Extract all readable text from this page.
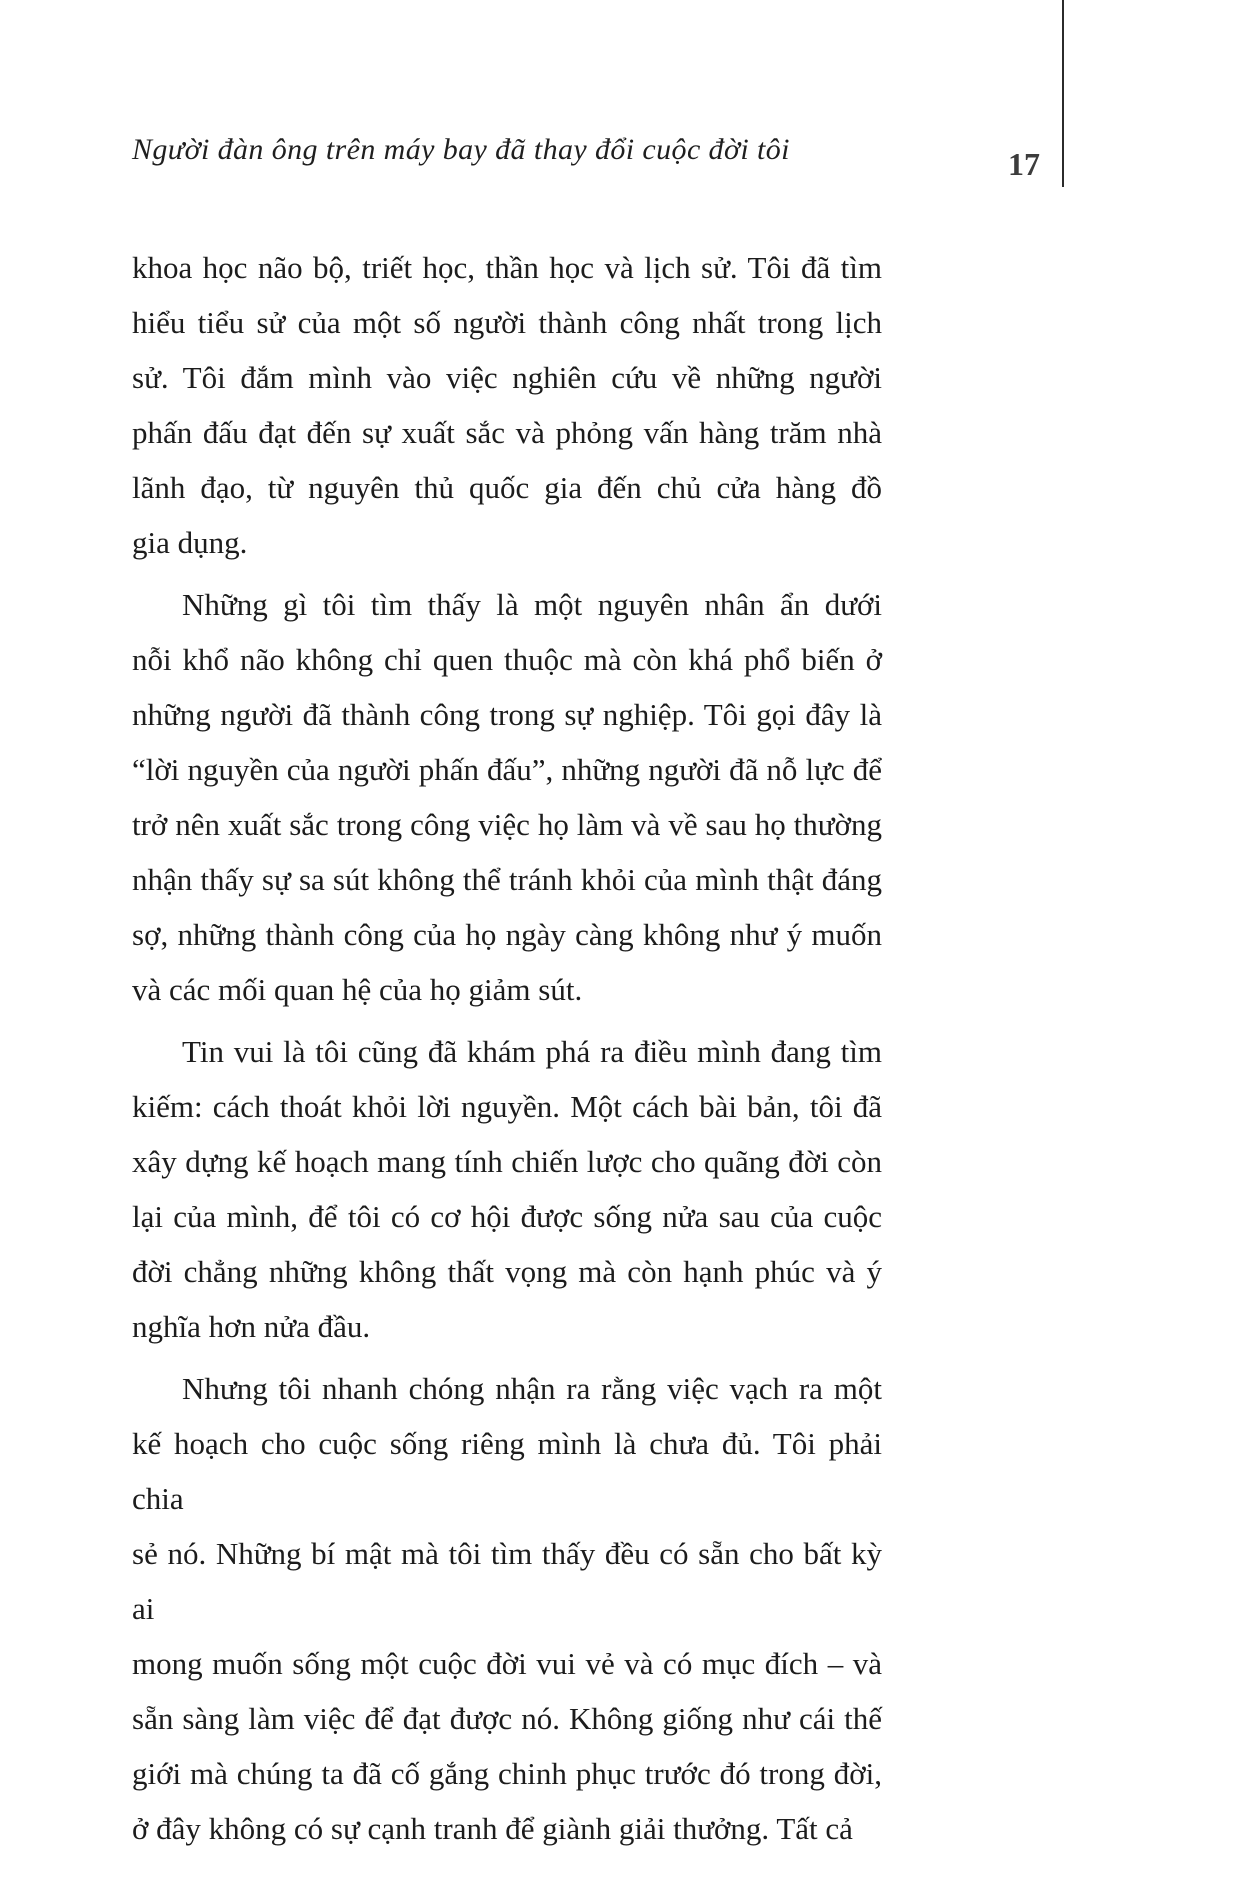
Người đàn ông trên máy bay đã thay đổi cuộc đời tôi	17
khoa học não bộ, triết học, thần học và lịch sử. Tôi đã tìm
hiểu tiểu sử của một số người thành công nhất trong lịch
sử. Tôi đắm mình vào việc nghiên cứu về những người
phấn đấu đạt đến sự xuất sắc và phỏng vấn hàng trăm nhà
lãnh đạo, từ nguyên thủ quốc gia đến chủ cửa hàng đồ
gia dụng.
Những gì tôi tìm thấy là một nguyên nhân ẩn dưới
nỗi khổ não không chỉ quen thuộc mà còn khá phổ biến ở
những người đã thành công trong sự nghiệp. Tôi gọi đây là
“lời nguyền của người phấn đấu”, những người đã nỗ lực để
trở nên xuất sắc trong công việc họ làm và về sau họ thường
nhận thấy sự sa sút không thể tránh khỏi của mình thật đáng
sợ, những thành công của họ ngày càng không như ý muốn
và các mối quan hệ của họ giảm sút.
Tin vui là tôi cũng đã khám phá ra điều mình đang tìm
kiếm: cách thoát khỏi lời nguyền. Một cách bài bản, tôi đã
xây dựng kế hoạch mang tính chiến lược cho quãng đời còn
lại của mình, để tôi có cơ hội được sống nửa sau của cuộc
đời chẳng những không thất vọng mà còn hạnh phúc và ý
nghĩa hơn nửa đầu.
Nhưng tôi nhanh chóng nhận ra rằng việc vạch ra một
kế hoạch cho cuộc sống riêng mình là chưa đủ. Tôi phải chia
sẻ nó. Những bí mật mà tôi tìm thấy đều có sẵn cho bất kỳ ai
mong muốn sống một cuộc đời vui vẻ và có mục đích – và
sẵn sàng làm việc để đạt được nó. Không giống như cái thế
giới mà chúng ta đã cố gắng chinh phục trước đó trong đời,
ở đây không có sự cạnh tranh để giành giải thưởng. Tất cả
